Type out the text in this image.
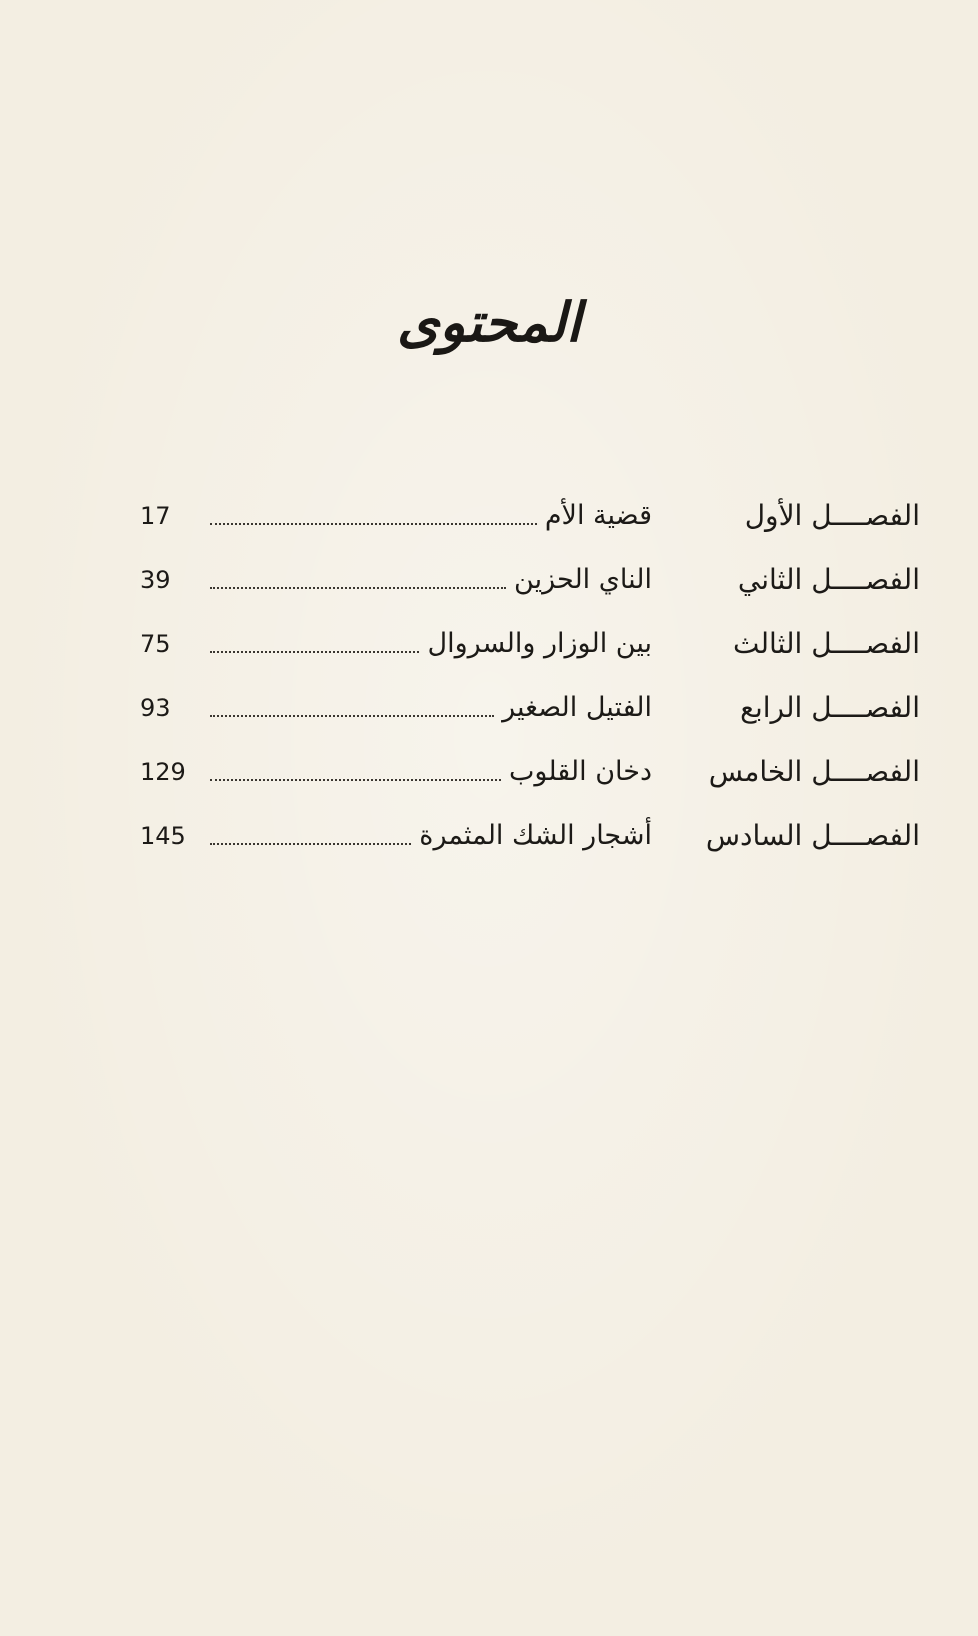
المحتوى
الفصــــل الأول
قضية الأم
17
الفصــــل الثاني
الناي الحزين
39
الفصــــل الثالث
بين الوزار والسروال
75
الفصــــل الرابع
الفتيل الصغير
93
الفصــــل الخامس
دخان القلوب
129
الفصــــل السادس
أشجار الشك المثمرة
145
